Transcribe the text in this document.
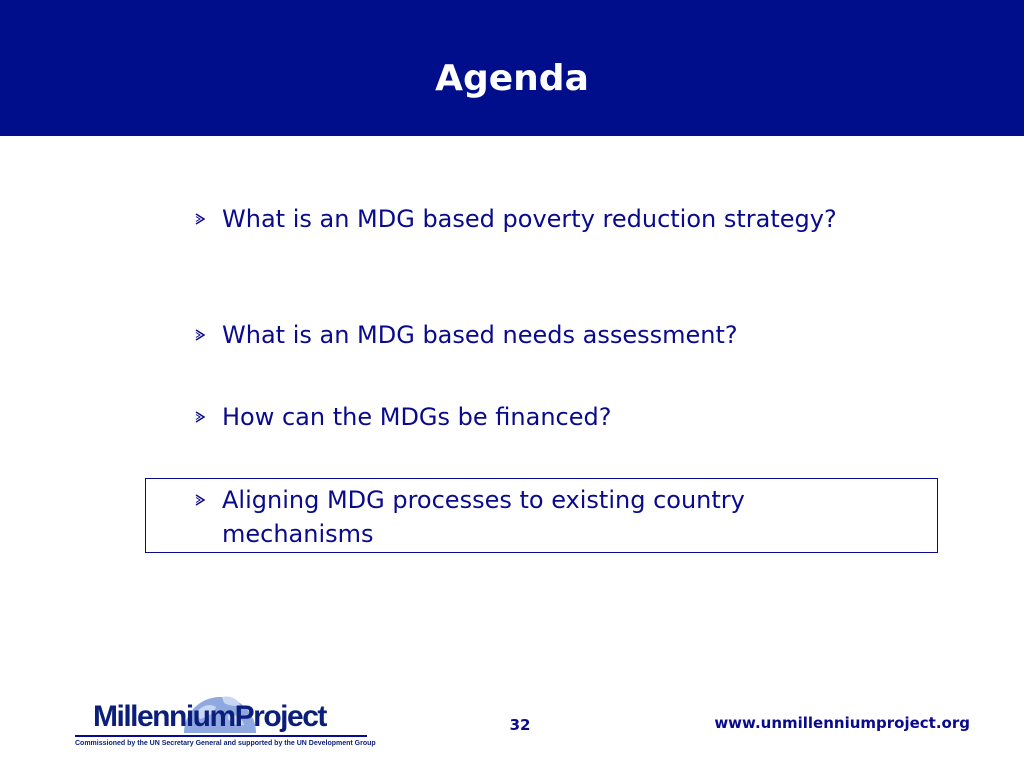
Agenda
What is an MDG based poverty reduction strategy?
What is an MDG based needs assessment?
How can the MDGs be financed?
Aligning MDG processes to existing country mechanisms
MillenniumProject
Commissioned by the UN Secretary General and supported by the UN Development Group
32	www.unmillenniumproject.org
